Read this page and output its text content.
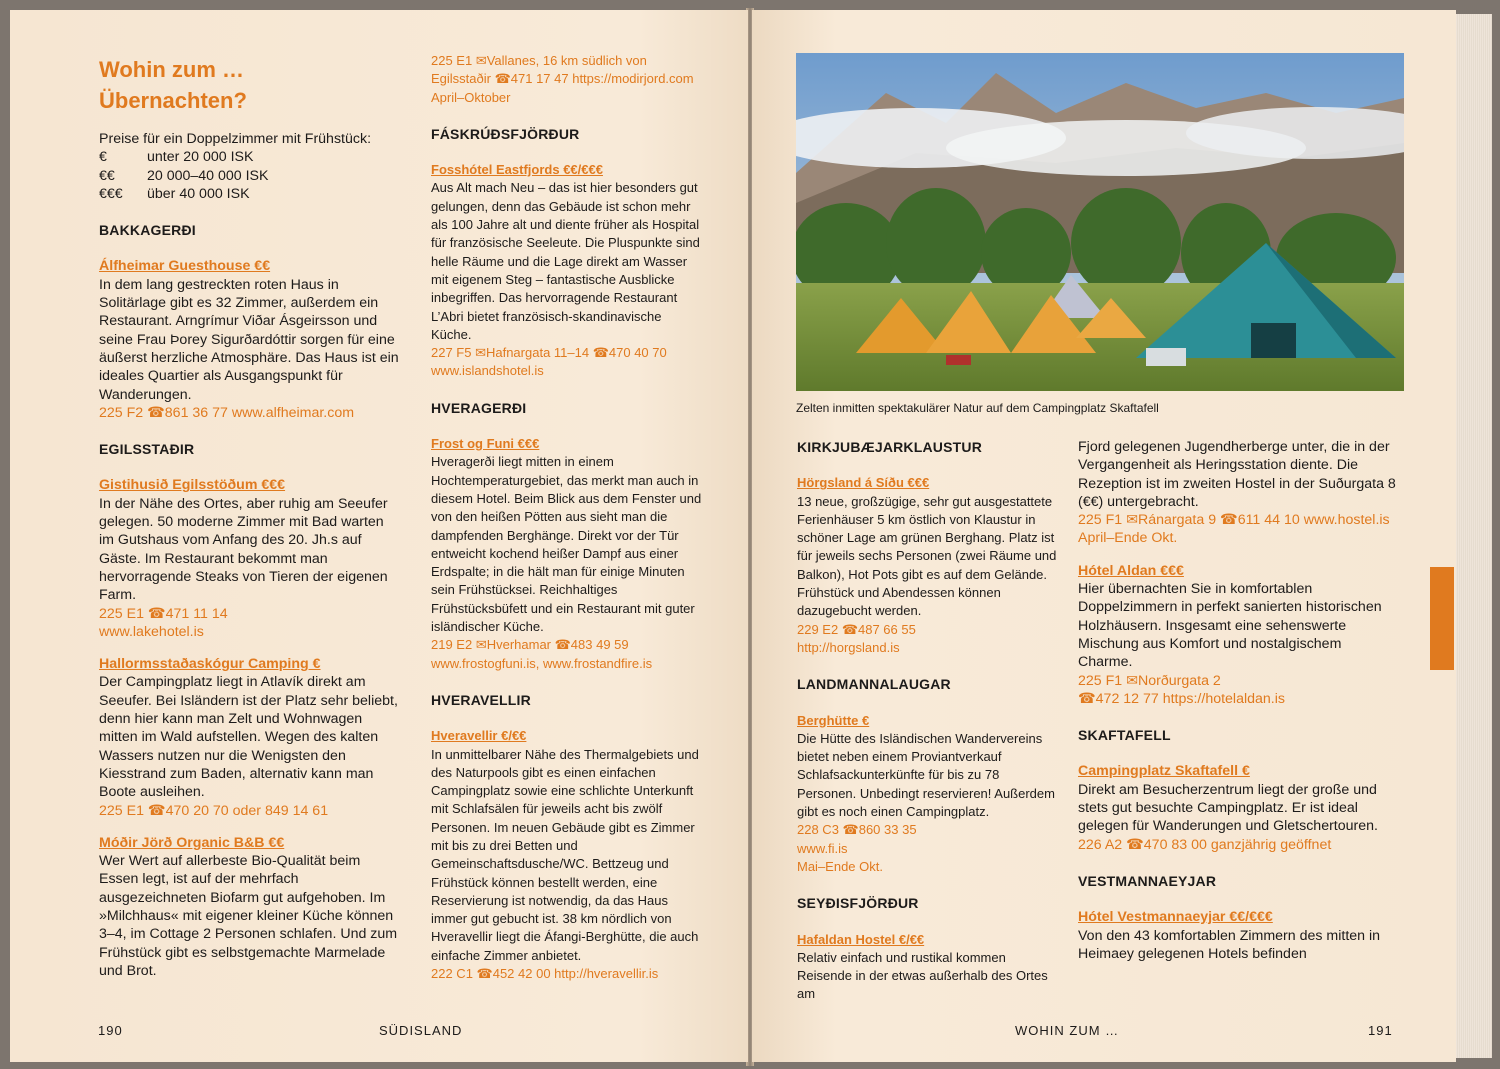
Wohin zum …
Übernachten?

Preise für ein Doppelzimmer mit Frühstück:

€	unter 20 000 ISK
€€	20 000–40 000 ISK
€€€	über 40 000 ISK
BAKKAGERÐI
Álfheimar Guesthouse €€

In dem lang gestreckten roten Haus in Solitärlage gibt es 32 Zimmer, außerdem ein Restaurant. Arngrímur Viðar Ásgeirsson und seine Frau Þorey Sigurðardóttir sorgen für eine äußerst herzliche Atmosphäre. Das Haus ist ein ideales Quartier als Ausgangspunkt für Wanderungen.

225 F2 ☎861 36 77 www.alfheimar.com

EGILSSTAÐIR
Gistihusið Egilsstöðum €€€

In der Nähe des Ortes, aber ruhig am Seeufer gelegen. 50 moderne Zimmer mit Bad warten im Gutshaus vom Anfang des 20. Jh.s auf Gäste. Im Restaurant bekommt man hervorragende Steaks von Tieren der eigenen Farm.

225 E1 ☎471 11 14

www.lakehotel.is

Hallormsstaðaskógur Camping €

Der Campingplatz liegt in Atlavík direkt am Seeufer. Bei Isländern ist der Platz sehr beliebt, denn hier kann man Zelt und Wohnwagen mitten im Wald aufstellen. Wegen des kalten Wassers nutzen nur die Wenigsten den Kiesstrand zum Baden, alternativ kann man Boote ausleihen.

225 E1 ☎470 20 70 oder 849 14 61

Móðir Jörð Organic B&B €€

Wer Wert auf allerbeste Bio-Qualität beim Essen legt, ist auf der mehrfach ausgezeichneten Biofarm gut aufgehoben. Im »Milchhaus« mit eigener kleiner Küche können 3–4, im Cottage 2 Personen schlafen. Und zum Frühstück gibt es selbstgemachte Marmelade und Brot.

225 E1 ✉Vallanes, 16 km südlich von Egilsstaðir ☎471 17 47 https://modirjord.com

April–Oktober

FÁSKRÚÐSFJÖRÐUR
Fosshótel Eastfjords €€/€€€

Aus Alt mach Neu – das ist hier besonders gut gelungen, denn das Gebäude ist schon mehr als 100 Jahre alt und diente früher als Hospital für französische Seeleute. Die Pluspunkte sind helle Räume und die Lage direkt am Wasser mit eigenem Steg – fantastische Ausblicke inbegriffen. Das hervorragende Restaurant L’Abri bietet französisch-skandinavische Küche.

227 F5 ✉Hafnargata 11–14 ☎470 40 70

www.islandshotel.is

HVERAGERÐI
Frost og Funi €€€

Hveragerði liegt mitten in einem Hochtemperaturgebiet, das merkt man auch in diesem Hotel. Beim Blick aus dem Fenster und von den heißen Pötten aus sieht man die dampfenden Berghänge. Direkt vor der Tür entweicht kochend heißer Dampf aus einer Erdspalte; in die hält man für einige Minuten sein Frühstücksei. Reichhaltiges Frühstücksbüfett und ein Restaurant mit guter isländischer Küche.

219 E2 ✉Hverhamar ☎483 49 59 www.frostogfuni.is, www.frostandfire.is

HVERAVELLIR
Hveravellir €/€€

In unmittelbarer Nähe des Thermalgebiets und des Naturpools gibt es einen einfachen Campingplatz sowie eine schlichte Unterkunft mit Schlafsälen für jeweils acht bis zwölf Personen. Im neuen Gebäude gibt es Zimmer mit bis zu drei Betten und Gemeinschaftsdusche/WC. Bettzeug und Frühstück können bestellt werden, eine Reservierung ist notwendig, da das Haus immer gut gebucht ist. 38 km nördlich von Hveravellir liegt die Áfangi-Berghütte, die auch einfache Zimmer anbietet.

222 C1 ☎452 42 00 http://hveravellir.is

190	SÜDISLAND
Zelten inmitten spektakulärer Natur auf dem Campingplatz Skaftafell
KIRKJUBÆJARKLAUSTUR
Hörgsland á Síðu €€€

13 neue, großzügige, sehr gut ausgestattete Ferienhäuser 5 km östlich von Klaustur in schöner Lage am grünen Berghang. Platz ist für jeweils sechs Personen (zwei Räume und Balkon), Hot Pots gibt es auf dem Gelände. Frühstück und Abendessen können dazugebucht werden.

229 E2 ☎487 66 55

http://horgsland.is

LANDMANNALAUGAR
Berghütte €

Die Hütte des Isländischen Wandervereins bietet neben einem Proviantverkauf Schlafsackunterkünfte für bis zu 78 Personen. Unbedingt reservieren! Außerdem gibt es noch einen Campingplatz.

228 C3 ☎860 33 35

www.fi.is

Mai–Ende Okt.

SEYÐISFJÖRÐUR
Hafaldan Hostel €/€€

Relativ einfach und rustikal kommen Reisende in der etwas außerhalb des Ortes am

Fjord gelegenen Jugendherberge unter, die in der Vergangenheit als Heringsstation diente. Die Rezeption ist im zweiten Hostel in der Suðurgata 8 (€€) untergebracht.

225 F1 ✉Ránargata 9 ☎611 44 10 www.hostel.is April–Ende Okt.

Hótel Aldan €€€

Hier übernachten Sie in komfortablen Doppelzimmern in perfekt sanierten historischen Holzhäusern. Insgesamt eine sehenswerte Mischung aus Komfort und nostalgischem Charme.

225 F1 ✉Norðurgata 2

☎472 12 77 https://hotelaldan.is

SKAFTAFELL
Campingplatz Skaftafell €

Direkt am Besucherzentrum liegt der große und stets gut besuchte Campingplatz. Er ist ideal gelegen für Wanderungen und Gletschertouren.

226 A2 ☎470 83 00 ganzjährig geöffnet

VESTMANNAEYJAR
Hótel Vestmannaeyjar €€/€€€

Von den 43 komfortablen Zimmern des mitten in Heimaey gelegenen Hotels befinden

WOHIN ZUM …	191
